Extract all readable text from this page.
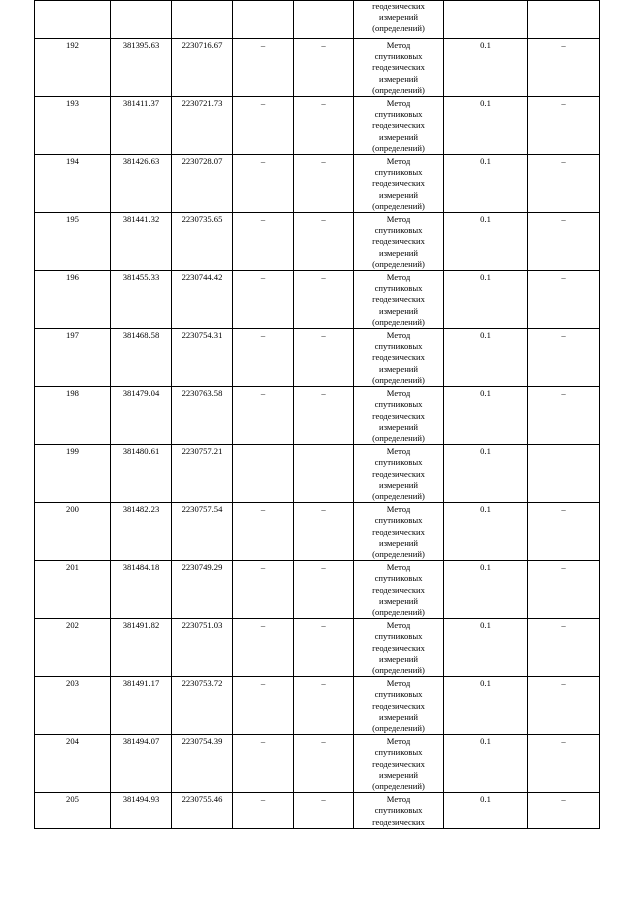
					геодезических
измерений
(определений)		

192	381395.63	2230716.67	–	–	Метод
спутниковых
геодезических
измерений
(определений)	0.1	–
193	381411.37	2230721.73	–	–	Метод
спутниковых
геодезических
измерений
(определений)	0.1	–
194	381426.63	2230728.07	–	–	Метод
спутниковых
геодезических
измерений
(определений)	0.1	–
195	381441.32	2230735.65	–	–	Метод
спутниковых
геодезических
измерений
(определений)	0.1	–
196	381455.33	2230744.42	–	–	Метод
спутниковых
геодезических
измерений
(определений)	0.1	–
197	381468.58	2230754.31	–	–	Метод
спутниковых
геодезических
измерений
(определений)	0.1	–
198	381479.04	2230763.58	–	–	Метод
спутниковых
геодезических
измерений
(определений)	0.1	–
199	381480.61	2230757.21			Метод
спутниковых
геодезических
измерений
(определений)	0.1	
200	381482.23	2230757.54	–	–	Метод
спутниковых
геодезических
измерений
(определений)	0.1	–
201	381484.18	2230749.29	–	–	Метод
спутниковых
геодезических
измерений
(определений)	0.1	–
202	381491.82	2230751.03	–	–	Метод
спутниковых
геодезических
измерений
(определений)	0.1	–
203	381491.17	2230753.72	–	–	Метод
спутниковых
геодезических
измерений
(определений)	0.1	–
204	381494.07	2230754.39	–	–	Метод
спутниковых
геодезических
измерений
(определений)	0.1	–
205	381494.93	2230755.46	–	–	Метод
спутниковых
геодезических	0.1	–
